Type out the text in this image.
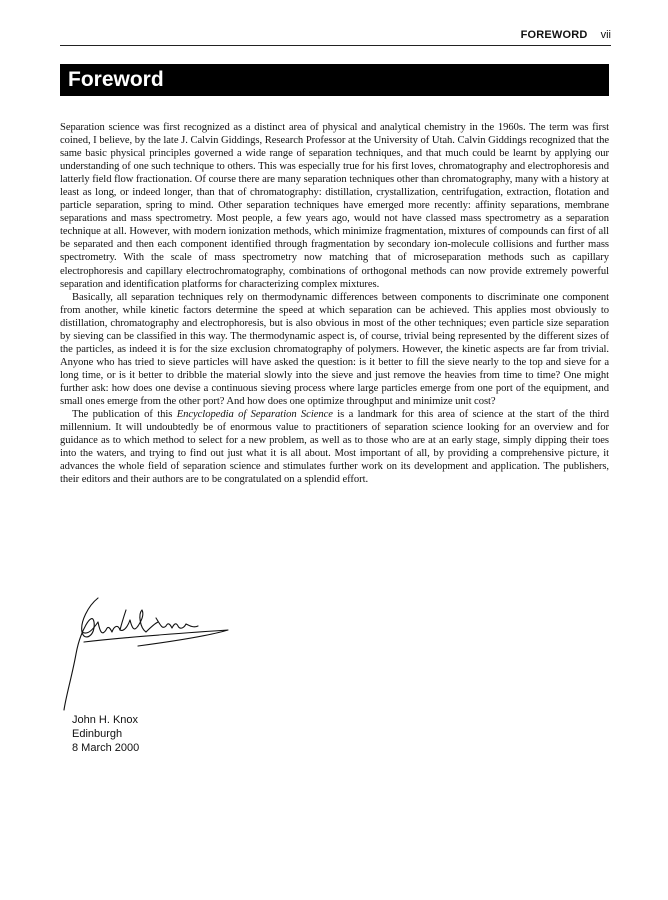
FOREWORD vii
Foreword

Separation science was first recognized as a distinct area of physical and analytical chemistry in the 1960s. The term was first coined, I believe, by the late J. Calvin Giddings, Research Professor at the University of Utah. Calvin Giddings recognized that the same basic physical principles governed a wide range of separation techniques, and that much could be learnt by applying our understanding of one such technique to others. This was especially true for his first loves, chromatography and electrophoresis and latterly field flow fractionation. Of course there are many separation techniques other than chromatography, many with a history at least as long, or indeed longer, than that of chromatography: distillation, crystallization, centrifugation, extraction, flotation and particle separation, spring to mind. Other separation techniques have emerged more recently: affinity separations, membrane separations and mass spectrometry. Most people, a few years ago, would not have classed mass spectrometry as a separation technique at all. However, with modern ionization methods, which minimize fragmentation, mixtures of compounds can first of all be separated and then each component identified through fragmentation by secondary ion-molecule collisions and further mass spectrometry. With the scale of mass spectrometry now matching that of microseparation methods such as capillary electrophoresis and capillary electrochromatography, combinations of orthogonal methods can now provide extremely powerful separation and identification platforms for characterizing complex mixtures.

Basically, all separation techniques rely on thermodynamic differences between components to discriminate one component from another, while kinetic factors determine the speed at which separation can be achieved. This applies most obviously to distillation, chromatography and electrophoresis, but is also obvious in most of the other techniques; even particle size separation by sieving can be classified in this way. The thermodynamic aspect is, of course, trivial being represented by the different sizes of the particles, as indeed it is for the size exclusion chromatography of polymers. However, the kinetic aspects are far from trivial. Anyone who has tried to sieve particles will have asked the question: is it better to fill the sieve nearly to the top and sieve for a long time, or is it better to dribble the material slowly into the sieve and just remove the heavies from time to time? One might further ask: how does one devise a continuous sieving process where large particles emerge from one port of the equipment, and small ones emerge from the other port? And how does one optimize throughput and minimize unit cost?

The publication of this Encyclopedia of Separation Science is a landmark for this area of science at the start of the third millennium. It will undoubtedly be of enormous value to practitioners of separation science looking for an overview and for guidance as to which method to select for a new problem, as well as to those who are at an early stage, simply dipping their toes into the waters, and trying to find out just what it is all about. Most important of all, by providing a comprehensive picture, it advances the whole field of separation science and stimulates further work on its development and application. The publishers, their editors and their authors are to be congratulated on a splendid effort.

John H. Knox
Edinburgh
8 March 2000
